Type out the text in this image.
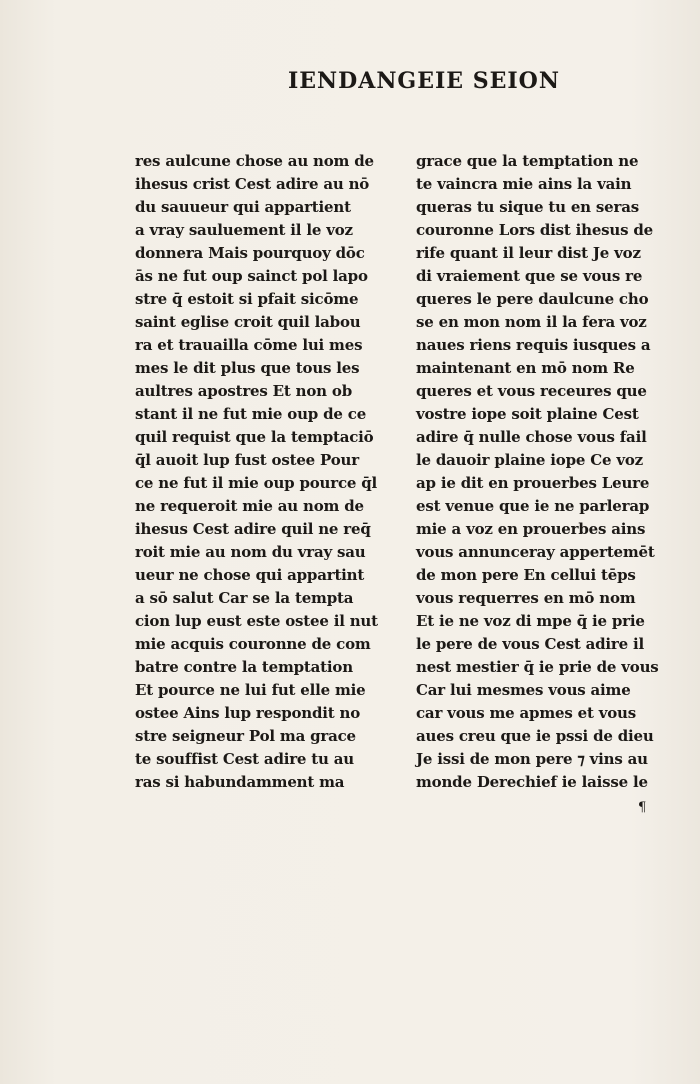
IENDANGEIE SEION
res aulcune chose au nom de
ihesus crist Cest adire au nō
du sauueur qui appartient
a vray sauluement il le voz
donnera Mais pourquoy dōc
ās ne fut oup sainct pol lapo
stre q̄ estoit si pfait sicōme
saint eglise croit quil labou
ra et trauailla cōme lui mes
mes le dit plus que tous les
aultres apostres Et non ob
stant il ne fut mie oup de ce
quil requist que la temptaciō
q̄l auoit lup fust ostee Pour
ce ne fut il mie oup pource q̄l
ne requeroit mie au nom de
ihesus Cest adire quil ne req̄
roit mie au nom du vray sau
ueur ne chose qui appartint
a sō salut Car se la tempta
cion lup eust este ostee il nut
mie acquis couronne de com
batre contre la temptation
Et pource ne lui fut elle mie
ostee Ains lup respondit no
stre seigneur Pol ma grace
te souffist Cest adire tu au
ras si habundamment ma
grace que la temptation ne
te vaincra mie ains la vain
queras tu sique tu en seras
couronne Lors dist ihesus de
rife quant il leur dist Je voz
di vraiement que se vous re
queres le pere daulcune cho
se en mon nom il la fera voz
naues riens requis iusques a
maintenant en mō nom Re
queres et vous receures que
vostre iope soit plaine Cest
adire q̄ nulle chose vous fail
le dauoir plaine iope Ce voz
ap ie dit en prouerbes Leure
est venue que ie ne parlerap
mie a voz en prouerbes ains
vous annunceray appertemēt
de mon pere En cellui tēps
vous requerres en mō nom
Et ie ne voz di mpe q̄ ie prie
le pere de vous Cest adire il
nest mestier q̄ ie prie de vous
Car lui mesmes vous aime
car vous me apmes et vous
aues creu que ie pssi de dieu
Je issi de mon pere ⁊ vins au
monde Derechief ie laisse le
¶
